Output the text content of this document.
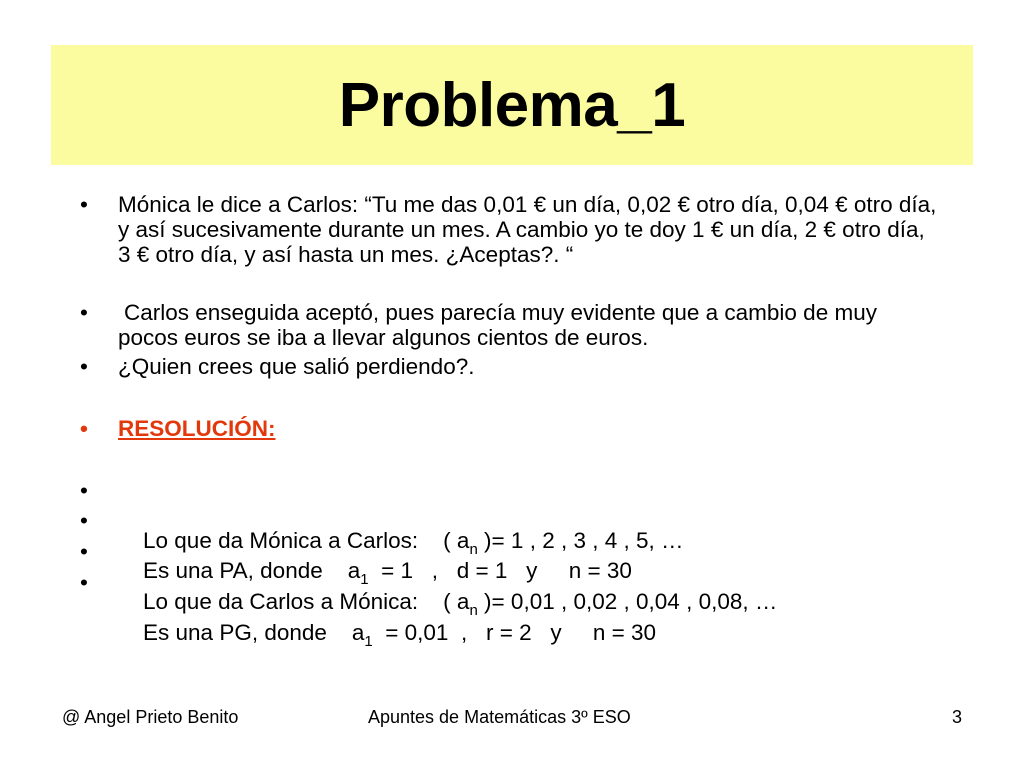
Problema_1
• Mónica le dice a Carlos: “Tu me das 0,01 € un día, 0,02 € otro día, 0,04 € otro día, y así sucesivamente durante un mes. A cambio yo te doy 1 € un día, 2 € otro día, 3 € otro día, y así hasta un mes. ¿Aceptas?. “
• Carlos enseguida aceptó, pues parecía muy evidente que a cambio de muy pocos euros se iba a llevar algunos cientos de euros.
• ¿Quien crees que salió perdiendo?.
• RESOLUCIÓN:

•

Lo que da Mónica a Carlos:    ( $a_n$ )= 1 , 2 , 3 , 4 , 5, …

•

Es una PA, donde    $a_1 = 1$   ,   d = 1   y     n = 30

•

Lo que da Carlos a Mónica:    ( $a_n$ )= 0,01 , 0,02 , 0,04 , 0,08, …

•

Es una PG, donde    $a_1 = 0,01$  ,   r = 2   y     n = 30

@ Angel Prieto Benito	Apuntes de Matemáticas 3º ESO	3
